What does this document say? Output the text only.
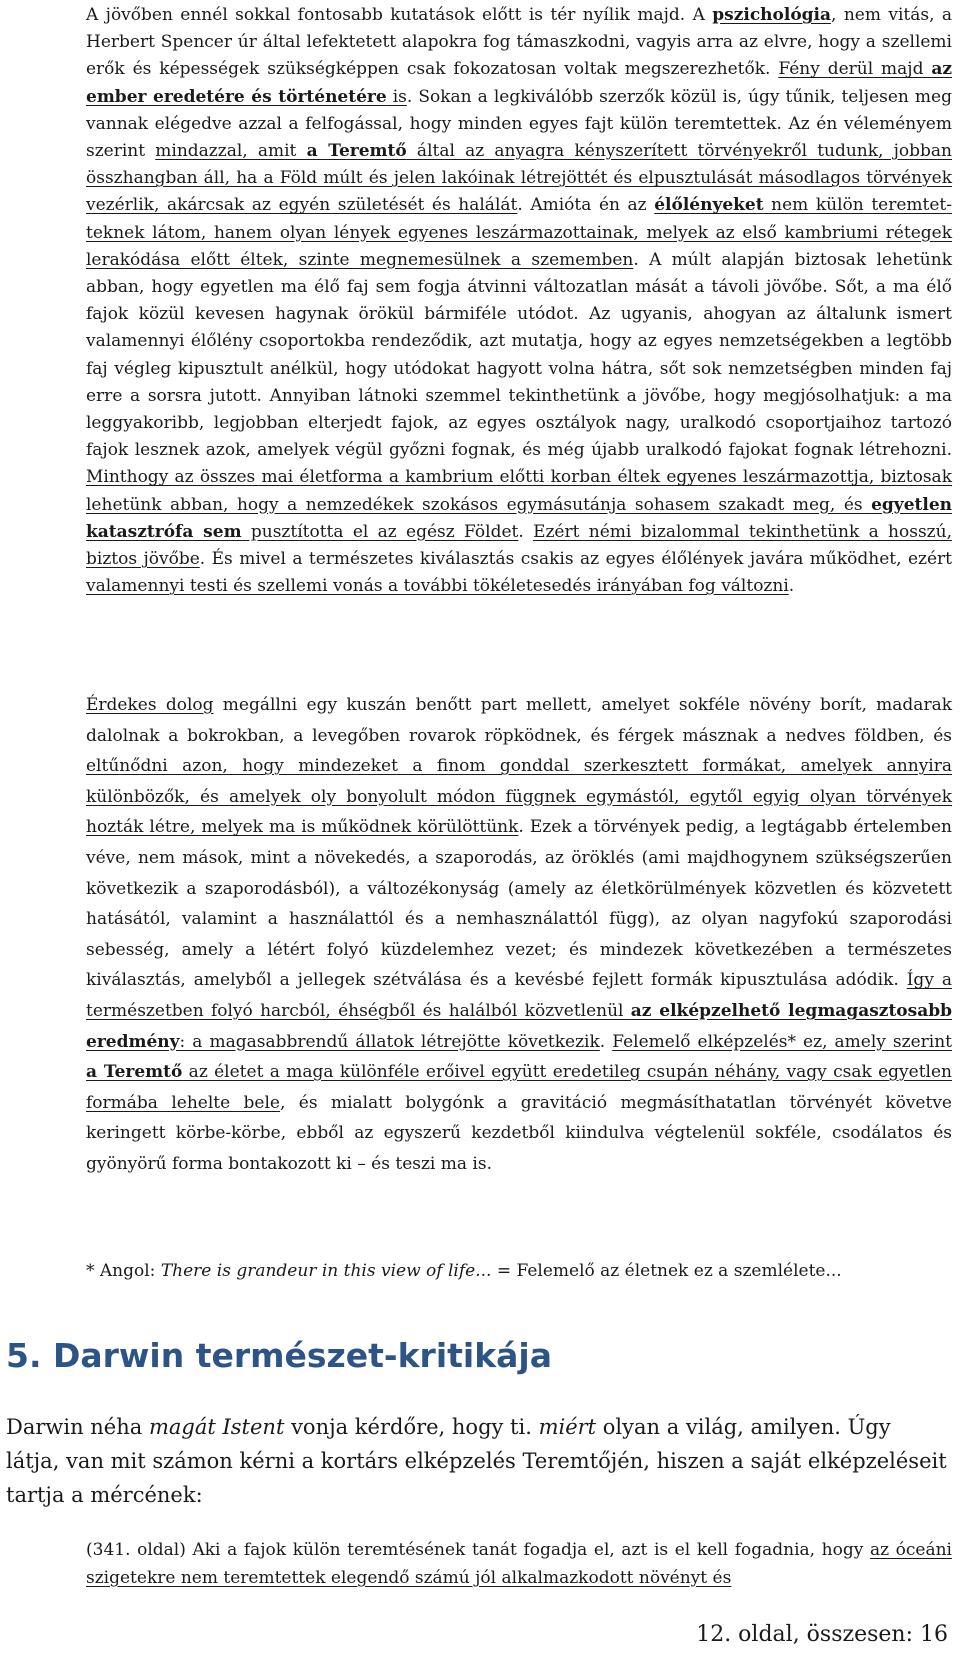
A jövőben ennél sokkal fontosabb kutatások előtt is tér nyílik majd. A pszichológia, nem vitás, a Herbert Spencer úr által lefektetett alapokra fog támaszkodni, vagyis arra az elvre, hogy a szellemi erők és képességek szükségképpen csak fokozatosan voltak megszerezhetők. Fény derül majd az ember eredetére és történetére is. Sokan a legkiválóbb szerzők közül is, úgy tűnik, teljesen meg vannak elégedve azzal a felfogással, hogy minden egyes fajt külön teremtettek. Az én véleményem szerint mindazzal, amit a Teremtő által az anyagra kényszerített törvényekről tudunk, jobban összhangban áll, ha a Föld múlt és jelen lakóinak létrejöttét és elpusztulását másodlagos törvények vezérlik, akárcsak az egyén születését és halálát. Amióta én az élőlényeket nem külön teremtetteknek látom, hanem olyan lények egyenes leszármazottainak, melyek az első kambriumi rétegek lerakódása előtt éltek, szinte megnemesülnek a szememben. A múlt alapján biztosak lehetünk abban, hogy egyetlen ma élő faj sem fogja átvinni változatlan mását a távoli jövőbe. Sőt, a ma élő fajok közül kevesen hagynak örökül bármiféle utódot. Az ugyanis, ahogyan az általunk ismert valamennyi élőlény csoportokba rendeződik, azt mutatja, hogy az egyes nemzetségekben a legtöbb faj végleg kipusztult anélkül, hogy utódokat hagyott volna hátra, sőt sok nemzetségben minden faj erre a sorsra jutott. Annyiban látnoki szemmel tekinthetünk a jövőbe, hogy megjósolhatjuk: a ma leggyakoribb, legjobban elterjedt fajok, az egyes osztályok nagy, uralkodó csoportjaihoz tartozó fajok lesznek azok, amelyek végül győzni fognak, és még újabb uralkodó fajokat fognak létrehozni. Minthogy az összes mai életforma a kambrium előtti korban éltek egyenes leszármazottja, biztosak lehetünk abban, hogy a nemzedékek szokásos egymásutánja sohasem szakadt meg, és egyetlen katasztrófa sem pusztította el az egész Földet. Ezért némi bizalommal tekinthetünk a hosszú, biztos jövőbe. És mivel a természetes kiválasztás csakis az egyes élőlények javára működhet, ezért valamennyi testi és szellemi vonás a további tökéletesedés irányában fog változni.

Érdekes dolog megállni egy kuszán benőtt part mellett, amelyet sokféle növény borít, madarak dalolnak a bokrokban, a levegőben rovarok röpködnek, és férgek másznak a nedves földben, és eltűnődni azon, hogy mindezeket a finom gonddal szerkesztett formákat, amelyek annyira különbözők, és amelyek oly bonyolult módon függnek egymástól, egytől egyig olyan törvények hozták létre, melyek ma is működnek körülöttünk. Ezek a törvények pedig, a legtágabb értelemben véve, nem mások, mint a növekedés, a szaporodás, az öröklés (ami majdhogynem szükségszerűen következik a szaporodásból), a változékonyság (amely az életkörülmények közvetlen és közvetett hatásától, valamint a használattól és a nemhasználattól függ), az olyan nagyfokú szaporodási sebesség, amely a létért folyó küzdelemhez vezet; és mindezek következében a természetes kiválasztás, amelyből a jellegek szétválása és a kevésbé fejlett formák kipusztulása adódik. Így a természetben folyó harcból, éhségből és halálból közvetlenül az elképzelhető legmagasztosabb eredmény: a magasabbrendű állatok létrejötte következik. Felemelő elképzelés* ez, amely szerint a Teremtő az életet a maga különféle erőivel együtt eredetileg csupán néhány, vagy csak egyetlen formába lehelte bele, és mialatt bolygónk a gravitáció megmásíthatatlan törvényét követve keringett körbe-körbe, ebből az egyszerű kezdetből kiindulva végtelenül sokféle, csodálatos és gyönyörű forma bontakozott ki – és teszi ma is.

* Angol: There is grandeur in this view of life... = Felemelő az életnek ez a szemlélete...

5. Darwin természet-kritikája

Darwin néha magát Istent vonja kérdőre, hogy ti. miért olyan a világ, amilyen. Úgy látja, van mit számon kérni a kortárs elképzelés Teremtőjén, hiszen a saját elképzeléseit tartja a mércének:

(341. oldal) Aki a fajok külön teremtésének tanát fogadja el, azt is el kell fogadnia, hogy az óceáni szigetekre nem teremtettek elegendő számú jól alkalmazkodott növényt és

12. oldal, összesen: 16
